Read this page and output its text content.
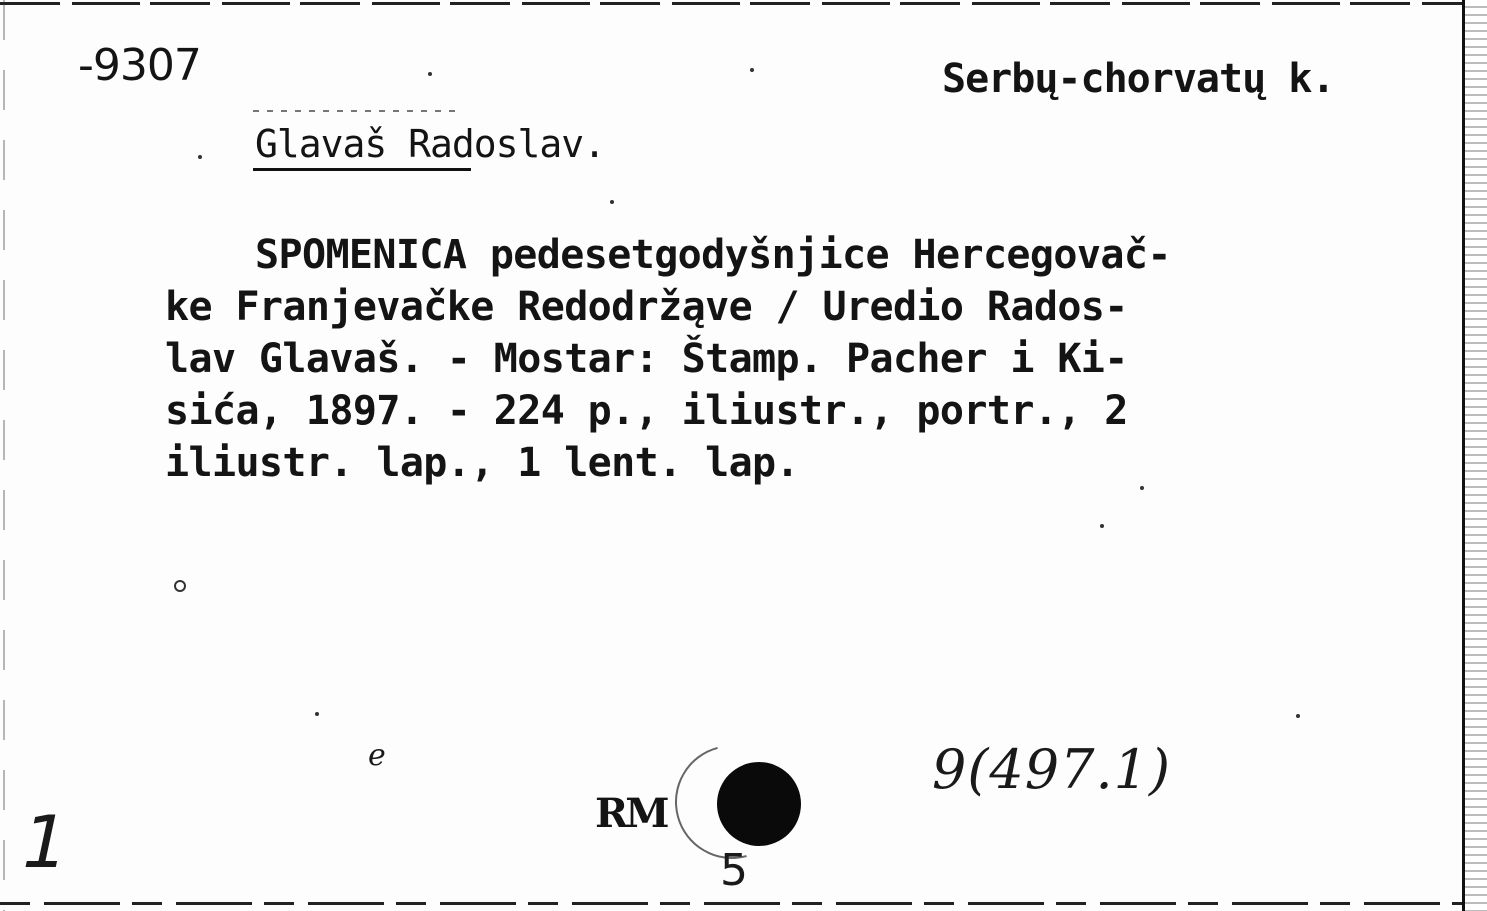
-9307	Serbų-chorvatų k.
Glavaš Radoslav.
SPOMENICA pedesetgodyšnjice Hercegovač-
ke Franjevačke Redodržąve / Uredio Rados-
lav Glavaš. - Mostar: Štamp. Pacher i Ki-
sića, 1897. - 224 p., iliustr., portr., 2
iliustr. lap., 1 lent. lap.
e
RM
5
9(497.1)
1
